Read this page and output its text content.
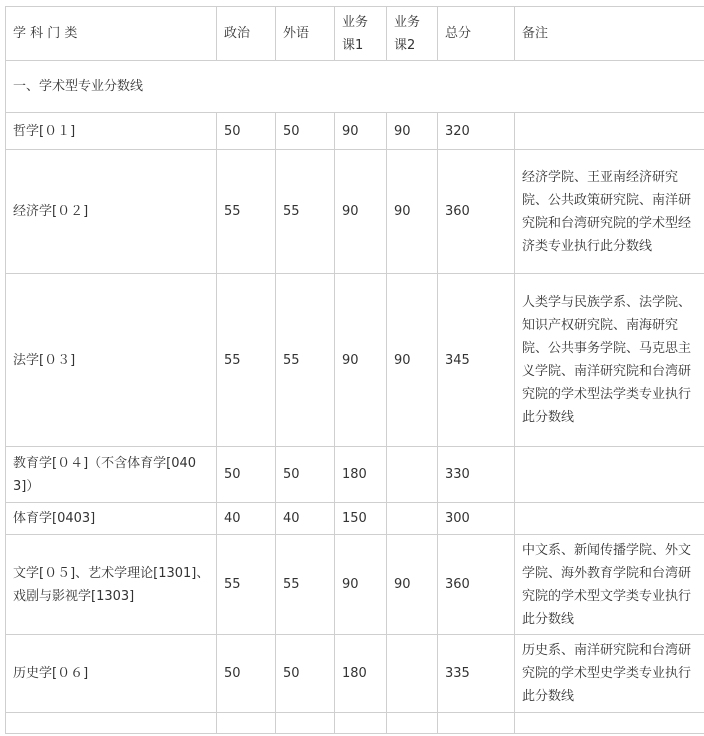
学 科 门 类	政治	外语	业务课1	业务课2	总分	备注
一、学术型专业分数线						
哲学[０１]	50	50	90	90	320	
经济学[０２]	55	55	90	90	360	经济学院、王亚南经济研究院、公共政策研究院、南洋研究院和台湾研究院的学术型经济类专业执行此分数线
法学[０３]	55	55	90	90	345	人类学与民族学系、法学院、知识产权研究院、南海研究院、公共事务学院、马克思主义学院、南洋研究院和台湾研究院的学术型法学类专业执行此分数线
教育学[０４]（不含体育学[0403]）	50	50	180		330	
体育学[0403]	40	40	150		300	
文学[０５]、艺术学理论[1301]、戏剧与影视学[1303]	55	55	90	90	360	中文系、新闻传播学院、外文学院、海外教育学院和台湾研究院的学术型文学类专业执行此分数线
历史学[０６]	50	50	180		335	历史系、南洋研究院和台湾研究院的学术型史学类专业执行此分数线
